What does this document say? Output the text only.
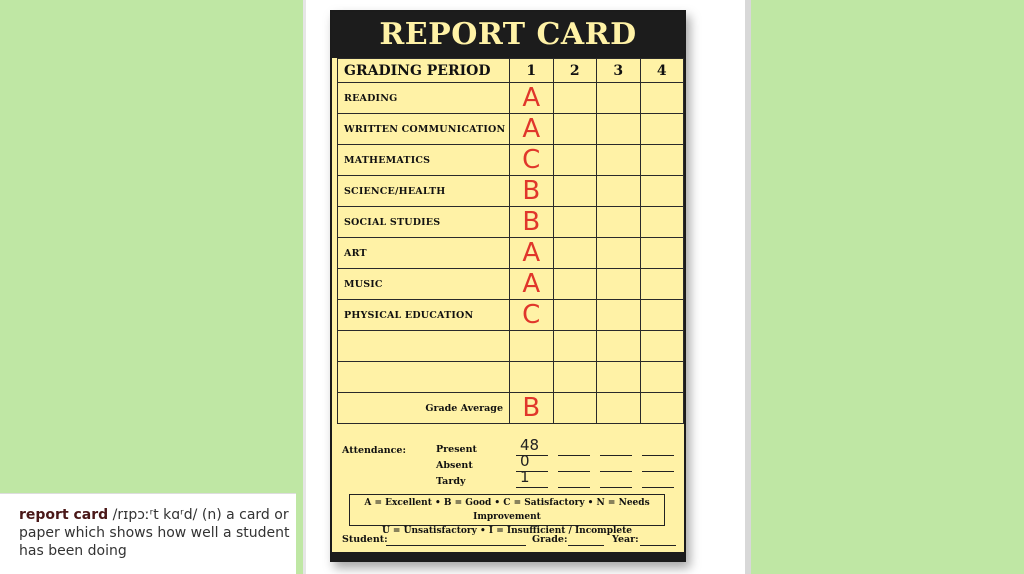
REPORT CARD
GRADING PERIOD	1	2	3	4
READING	A			
WRITTEN COMMUNICATION	A			
MATHEMATICS	C			
SCIENCE/HEALTH	B			
SOCIAL STUDIES	B			
ART	A			
MUSIC	A			
PHYSICAL EDUCATION	C			

Grade Average	B			
Attendance:	Present	48
Absent	0
Tardy	1
A = Excellent • B = Good • C = Satisfactory • N = Needs Improvement
U = Unsatisfactory • I = Insufficient / Incomplete
Student:	Grade:	Year:
report card /rɪpɔːʳt kɑʳd/ (n) a card or paper which shows how well a student has been doing
